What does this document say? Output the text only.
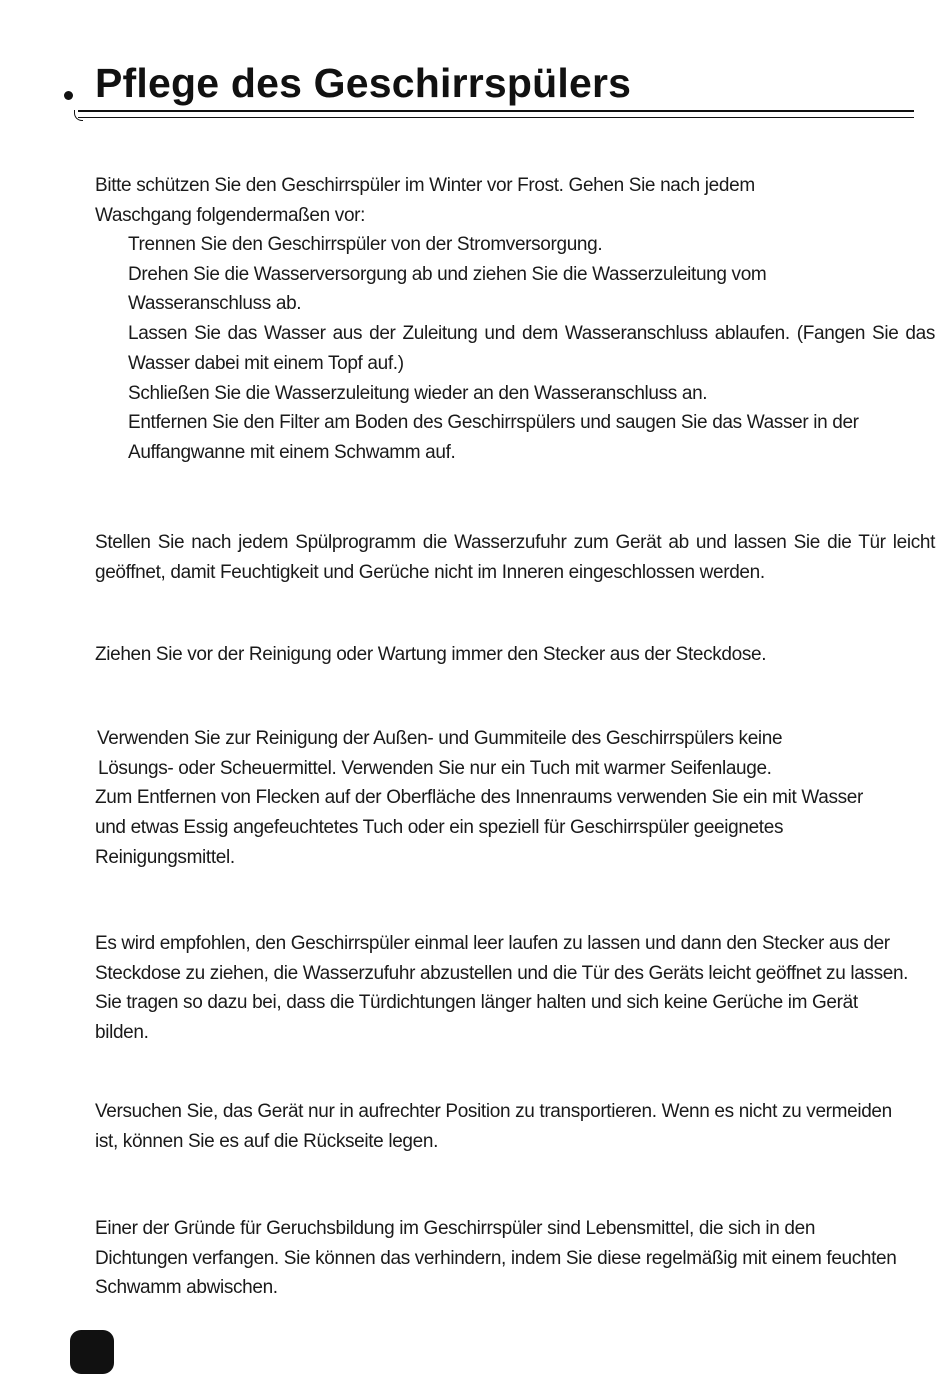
Pflege des Geschirrspülers
Bitte schützen Sie den Geschirrspüler im Winter vor Frost. Gehen Sie nach jedem Waschgang folgendermaßen vor:
Trennen Sie den Geschirrspüler von der Stromversorgung.
Drehen Sie die Wasserversorgung ab und ziehen Sie die Wasserzuleitung vom Wasseranschluss ab.
Lassen Sie das Wasser aus der Zuleitung und dem Wasseranschluss ablaufen. (Fangen Sie das Wasser dabei mit einem Topf auf.)
Schließen Sie die Wasserzuleitung wieder an den Wasseranschluss an.
Entfernen Sie den Filter am Boden des Geschirrspülers und saugen Sie das Wasser in der Auffangwanne mit einem Schwamm auf.
Stellen Sie nach jedem Spülprogramm die Wasserzufuhr zum Gerät ab und lassen Sie die Tür leicht geöffnet, damit Feuchtigkeit und Gerüche nicht im Inneren eingeschlossen werden.
Ziehen Sie vor der Reinigung oder Wartung immer den Stecker aus der Steckdose.
Verwenden Sie zur Reinigung der Außen- und Gummiteile des Geschirrspülers keine
Lösungs- oder Scheuermittel. Verwenden Sie nur ein Tuch mit warmer Seifenlauge.
Zum Entfernen von Flecken auf der Oberfläche des Innenraums verwenden Sie ein mit Wasser und etwas Essig angefeuchtetes Tuch oder ein speziell für Geschirrspüler geeignetes Reinigungsmittel.
Es wird empfohlen, den Geschirrspüler einmal leer laufen zu lassen und dann den Stecker aus der Steckdose zu ziehen, die Wasserzufuhr abzustellen und die Tür des Geräts leicht geöffnet zu lassen. Sie tragen so dazu bei, dass die Türdichtungen länger halten und sich keine Gerüche im Gerät bilden.
Versuchen Sie, das Gerät nur in aufrechter Position zu transportieren. Wenn es nicht zu vermeiden ist, können Sie es auf die Rückseite legen.
Einer der Gründe für Geruchsbildung im Geschirrspüler sind Lebensmittel, die sich in den Dichtungen verfangen. Sie können das verhindern, indem Sie diese regelmäßig mit einem feuchten Schwamm abwischen.
